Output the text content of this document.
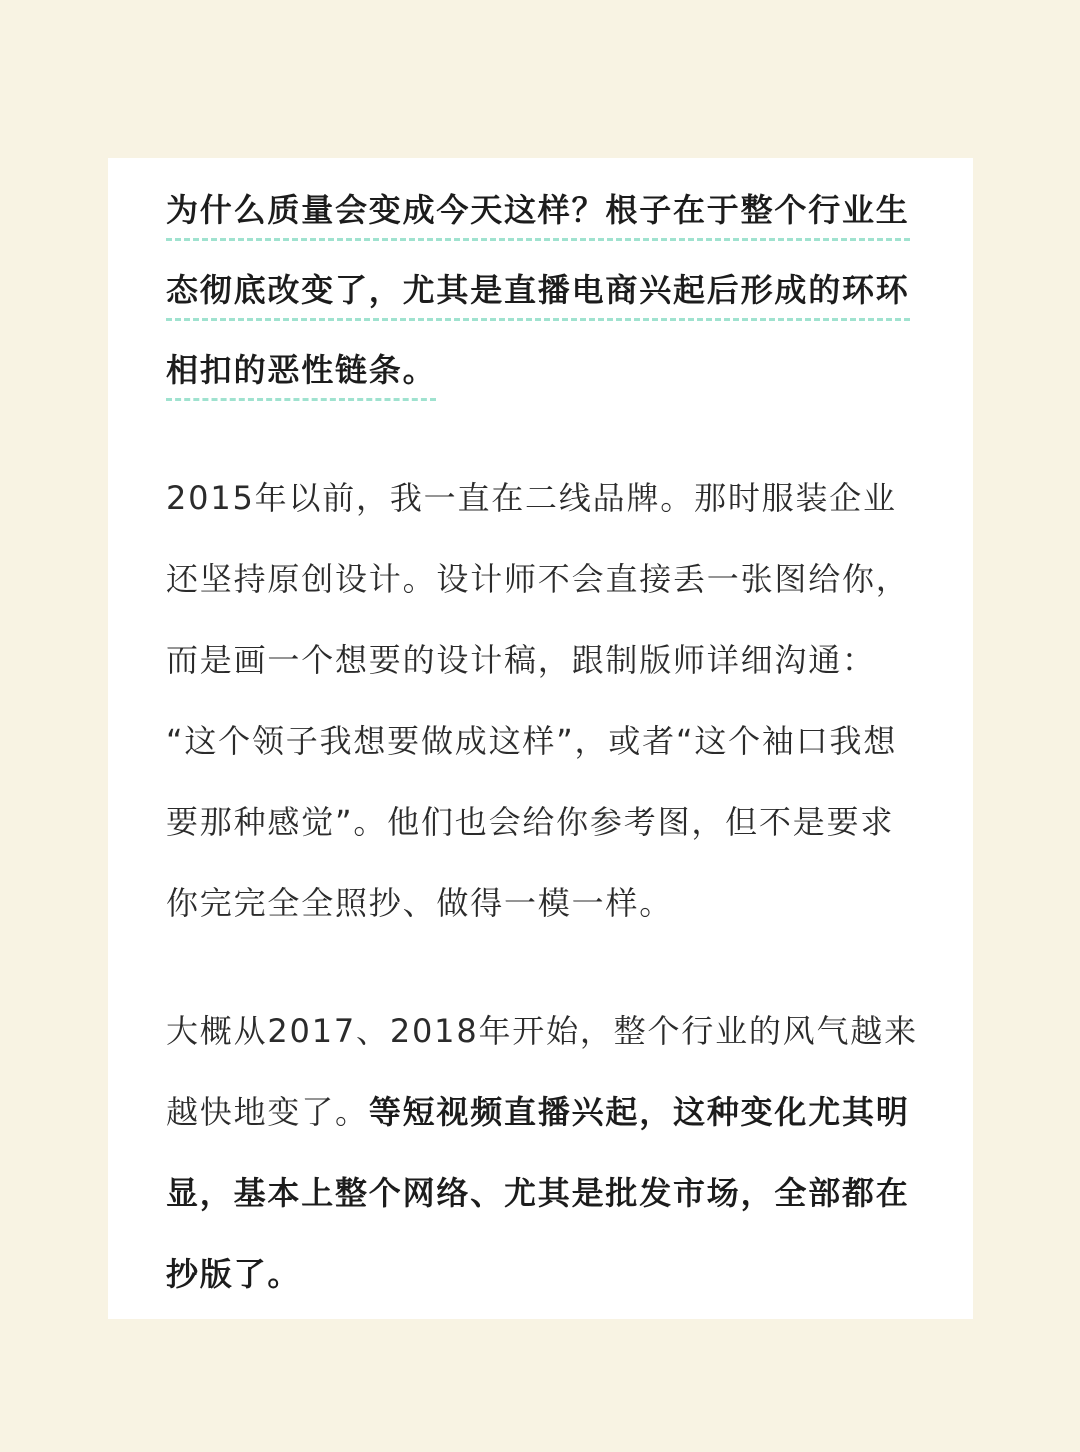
为什么质量会变成今天这样？根子在于整个行业生
态彻底改变了，尤其是直播电商兴起后形成的环环
相扣的恶性链条。
2015年以前，我一直在二线品牌。那时服装企业
还坚持原创设计。设计师不会直接丢一张图给你，
而是画一个想要的设计稿，跟制版师详细沟通：
“这个领子我想要做成这样”，或者“这个袖口我想
要那种感觉”。他们也会给你参考图，但不是要求
你完完全全照抄、做得一模一样。
大概从2017、2018年开始，整个行业的风气越来
越快地变了。等短视频直播兴起，这种变化尤其明
显，基本上整个网络、尤其是批发市场，全部都在
抄版了。
